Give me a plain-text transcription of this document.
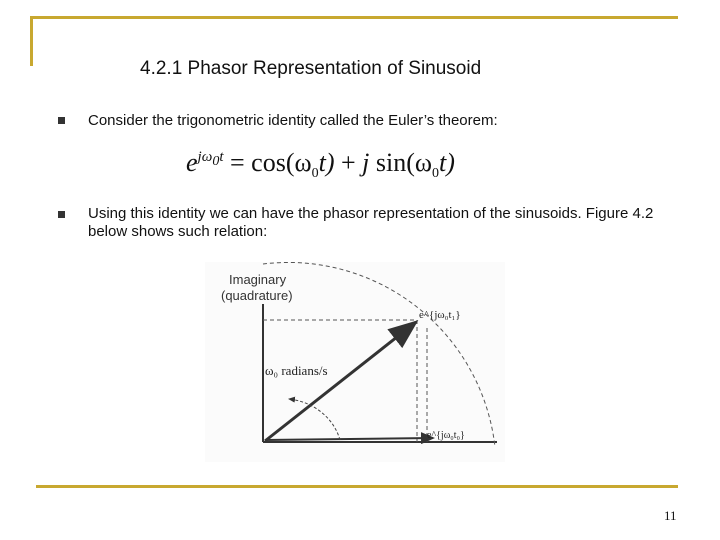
4.2.1 Phasor Representation of Sinusoid
Consider the trigonometric identity called the Euler’s theorem:
$e^{j\omega_0t} = \cos(\omega_0t) + j$ $\sin(\omega_0t)$
Using this identity we can have the phasor representation of the sinusoids. Figure 4.2 below shows such relation:
Imaginary
(quadrature)
ω₀ radians/s
e^{jω₀t₁}
e^{jω₀t₀}
11
